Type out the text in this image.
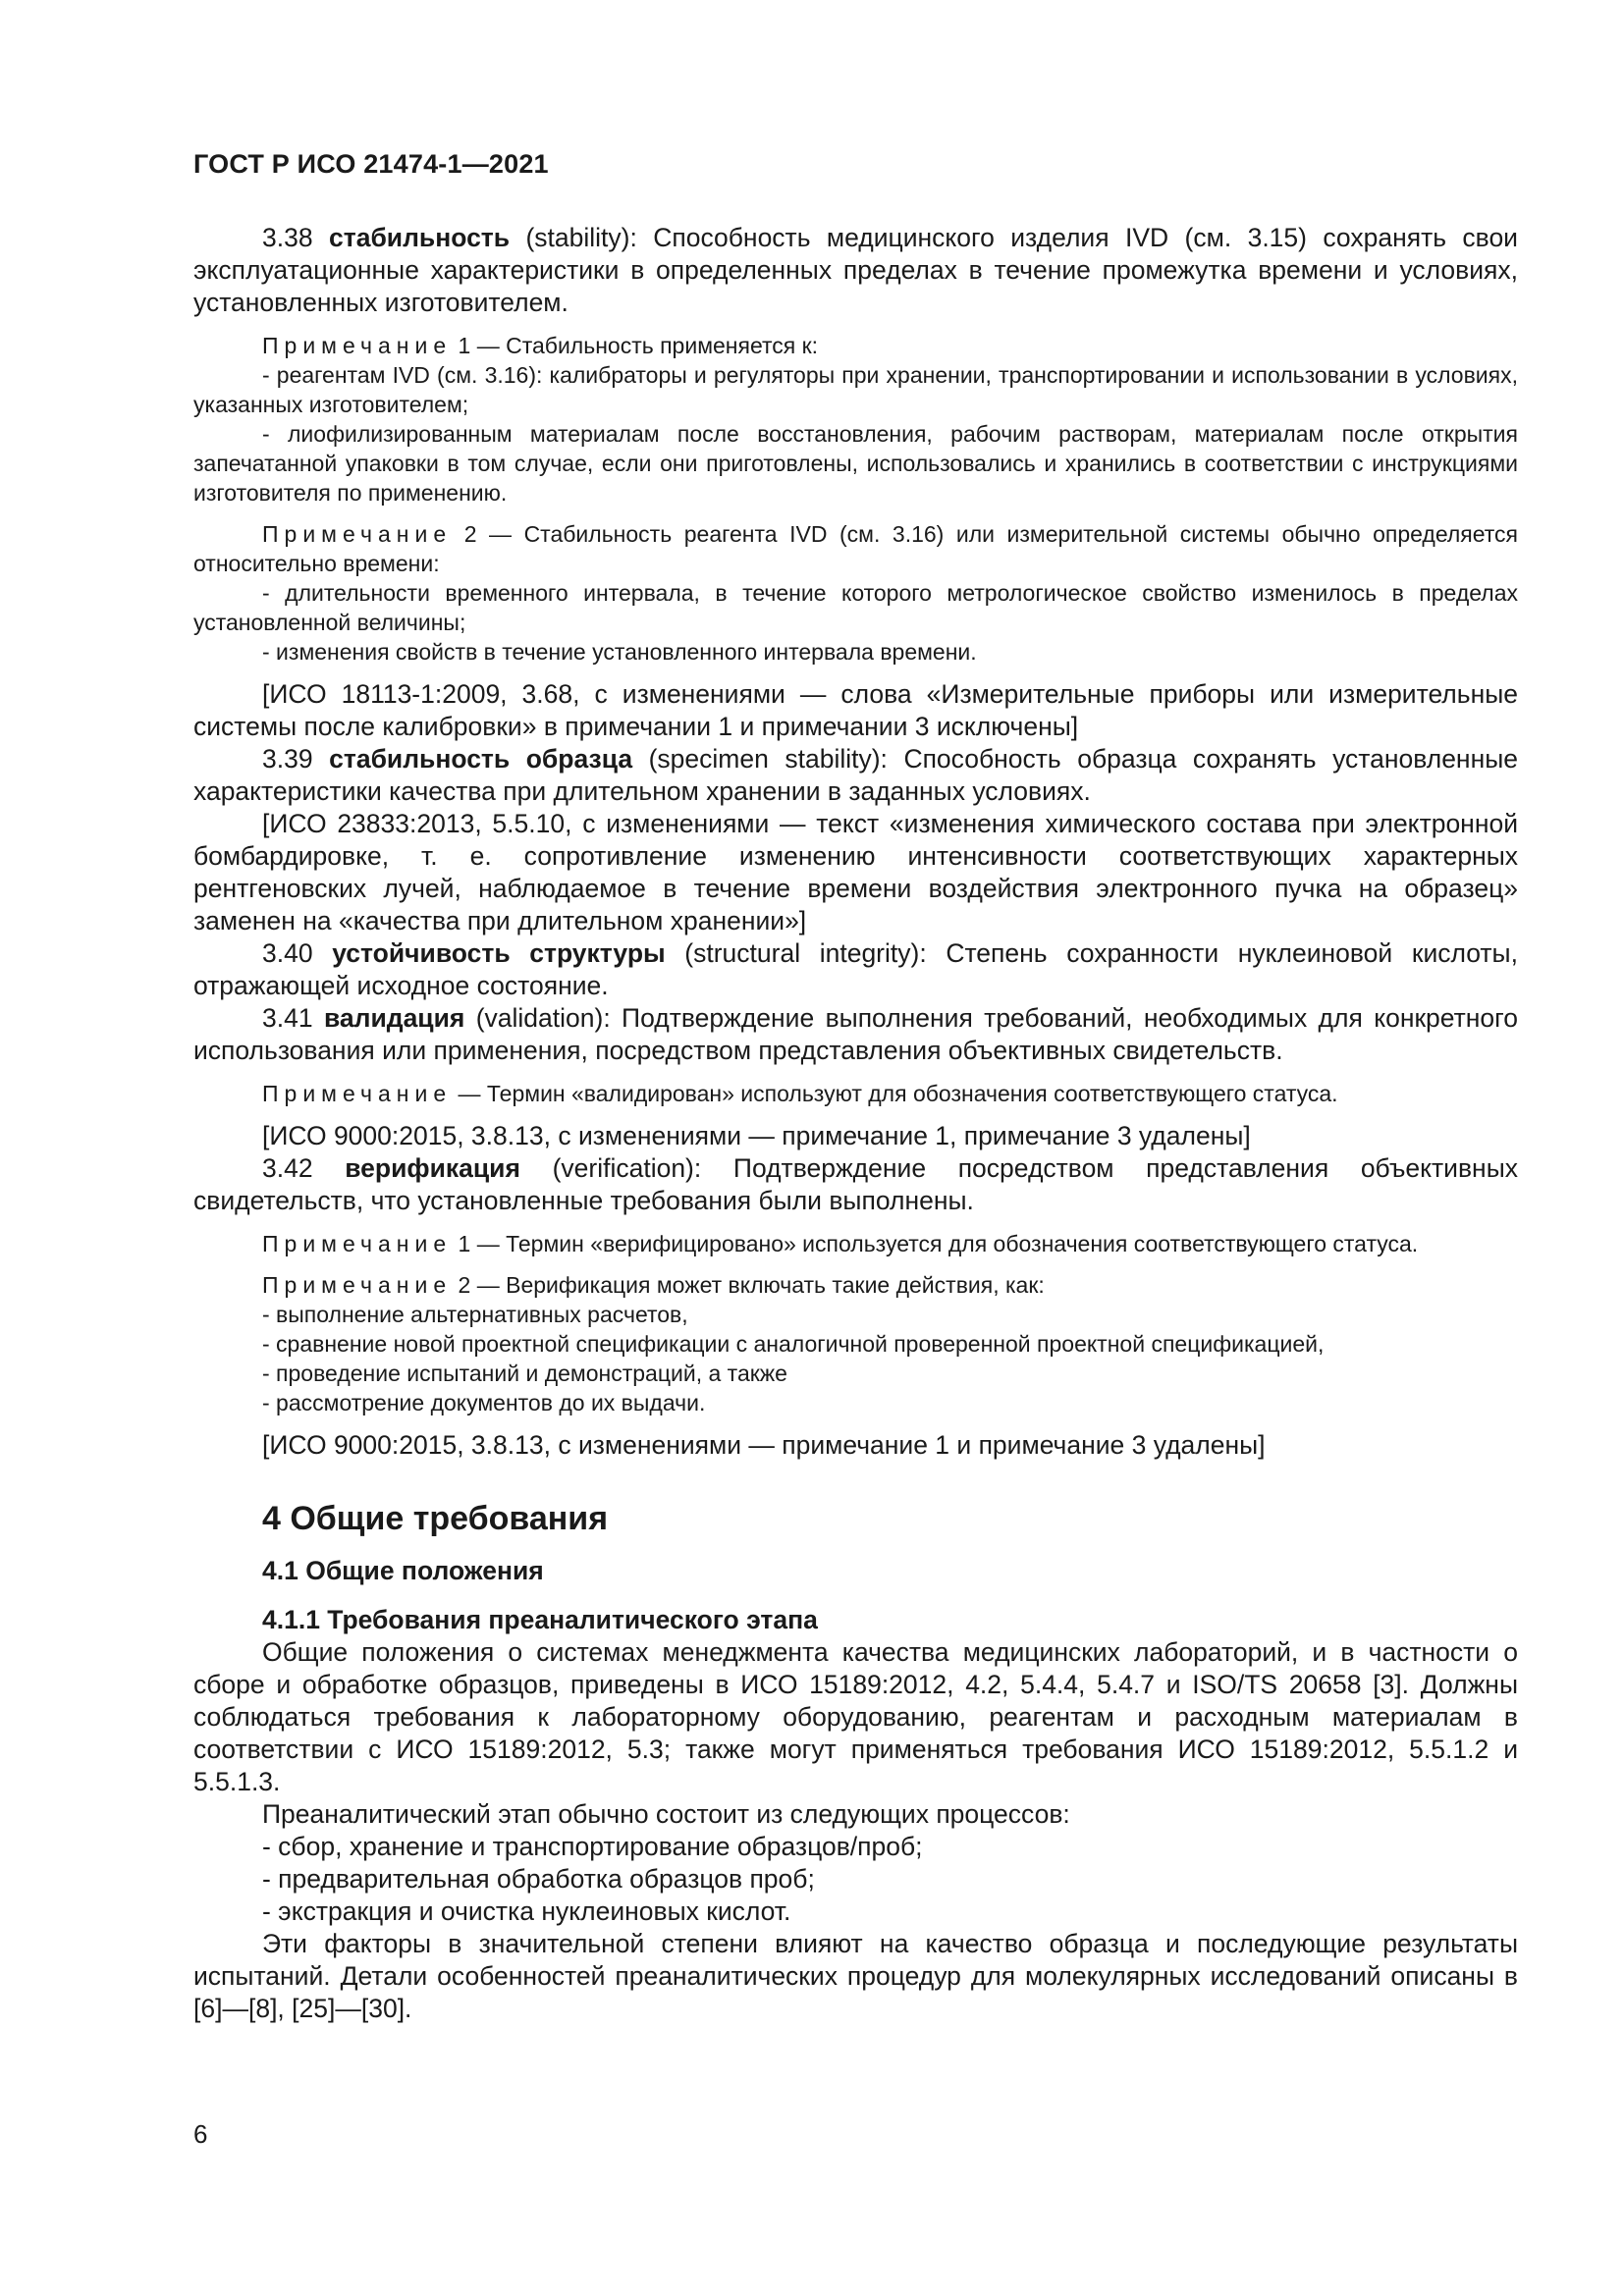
ГОСТ Р ИСО 21474-1—2021

3.38 стабильность (stability): Способность медицинского изделия IVD (см. 3.15) сохранять свои эксплуатационные характеристики в определенных пределах в течение промежутка времени и условиях, установленных изготовителем.

Примечание 1 — Стабильность применяется к:

- реагентам IVD (см. 3.16): калибраторы и регуляторы при хранении, транспортировании и использовании в условиях, указанных изготовителем;

- лиофилизированным материалам после восстановления, рабочим растворам, материалам после открытия запечатанной упаковки в том случае, если они приготовлены, использовались и хранились в соответствии с инструкциями изготовителя по применению.

Примечание 2 — Стабильность реагента IVD (см. 3.16) или измерительной системы обычно определяется относительно времени:

- длительности временного интервала, в течение которого метрологическое свойство изменилось в пределах установленной величины;

- изменения свойств в течение установленного интервала времени.

[ИСО 18113-1:2009, 3.68, с изменениями — слова «Измерительные приборы или измерительные системы после калибровки» в примечании 1 и примечании 3 исключены]

3.39 стабильность образца (specimen stability): Способность образца сохранять установленные характеристики качества при длительном хранении в заданных условиях.

[ИСО 23833:2013, 5.5.10, с изменениями — текст «изменения химического состава при электронной бомбардировке, т. е. сопротивление изменению интенсивности соответствующих характерных рентгеновских лучей, наблюдаемое в течение времени воздействия электронного пучка на образец» заменен на «качества при длительном хранении»]

3.40 устойчивость структуры (structural integrity): Степень сохранности нуклеиновой кислоты, отражающей исходное состояние.

3.41 валидация (validation): Подтверждение выполнения требований, необходимых для конкретного использования или применения, посредством представления объективных свидетельств.

Примечание — Термин «валидирован» используют для обозначения соответствующего статуса.

[ИСО 9000:2015, 3.8.13, с изменениями — примечание 1, примечание 3 удалены]

3.42 верификация (verification): Подтверждение посредством представления объективных свидетельств, что установленные требования были выполнены.

Примечание 1 — Термин «верифицировано» используется для обозначения соответствующего статуса.

Примечание 2 — Верификация может включать такие действия, как:

- выполнение альтернативных расчетов,

- сравнение новой проектной спецификации с аналогичной проверенной проектной спецификацией,

- проведение испытаний и демонстраций, а также

- рассмотрение документов до их выдачи.

[ИСО 9000:2015, 3.8.13, с изменениями — примечание 1 и примечание 3 удалены]

4 Общие требования
4.1 Общие положения
4.1.1 Требования преаналитического этапа

Общие положения о системах менеджмента качества медицинских лабораторий, и в частности о сборе и обработке образцов, приведены в ИСО 15189:2012, 4.2, 5.4.4, 5.4.7 и ISO/TS 20658 [3]. Должны соблюдаться требования к лабораторному оборудованию, реагентам и расходным материалам в соответствии с ИСО 15189:2012, 5.3; также могут применяться требования ИСО 15189:2012, 5.5.1.2 и 5.5.1.3.

Преаналитический этап обычно состоит из следующих процессов:

- сбор, хранение и транспортирование образцов/проб;

- предварительная обработка образцов проб;

- экстракция и очистка нуклеиновых кислот.

Эти факторы в значительной степени влияют на качество образца и последующие результаты испытаний. Детали особенностей преаналитических процедур для молекулярных исследований описаны в [6]—[8], [25]—[30].

6
